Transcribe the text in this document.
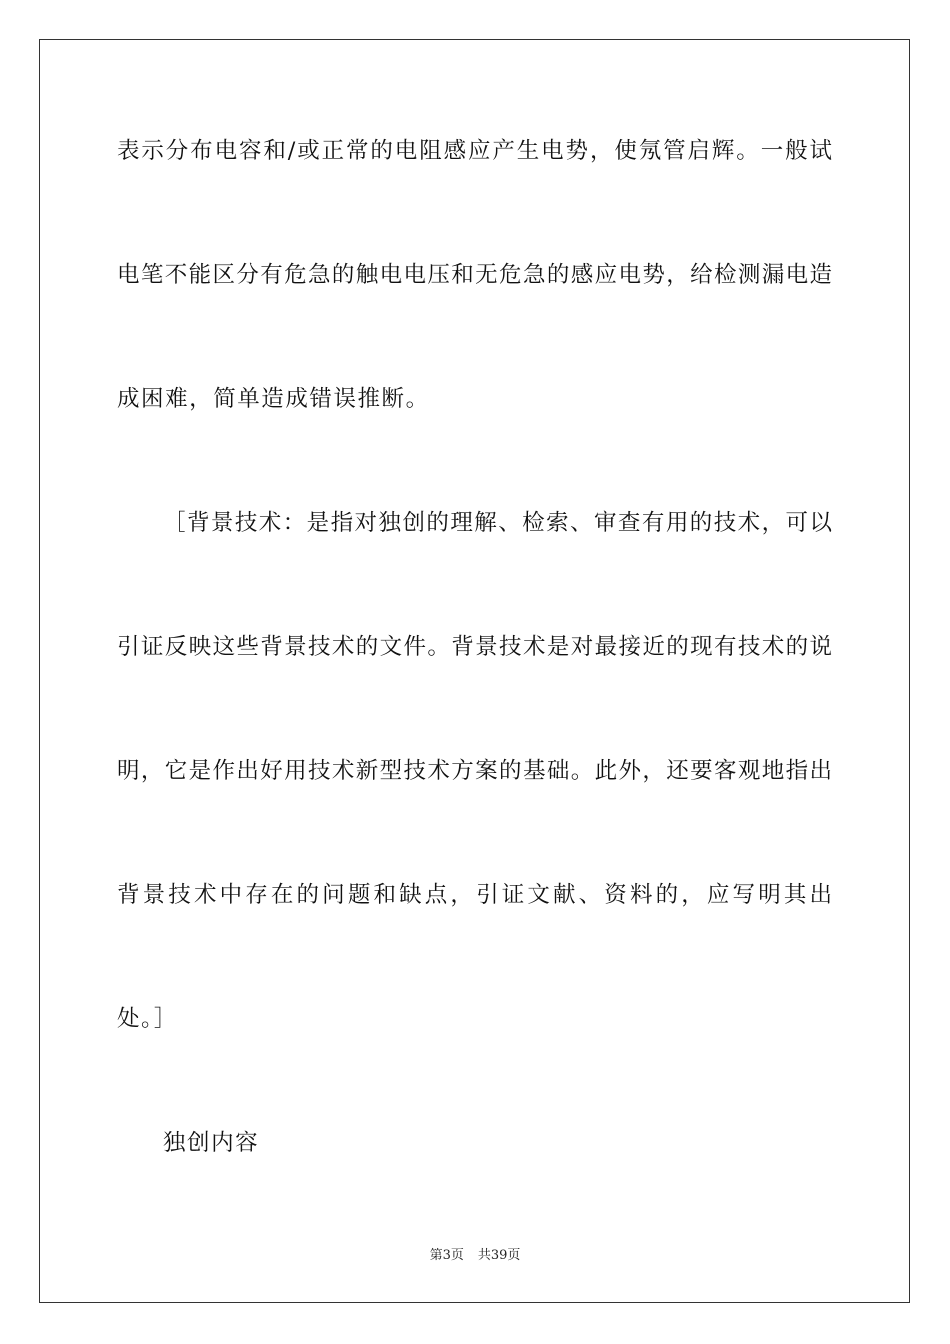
表示分布电容和/或正常的电阻感应产生电势，使氖管启辉。一般试
电笔不能区分有危急的触电电压和无危急的感应电势，给检测漏电造
成困难，简单造成错误推断。
［背景技术：是指对独创的理解、检索、审查有用的技术，可以
引证反映这些背景技术的文件。背景技术是对最接近的现有技术的说
明，它是作出好用技术新型技术方案的基础。此外，还要客观地指出
背景技术中存在的问题和缺点，引证文献、资料的，应写明其出
处。］
独创内容
第3页 共39页
